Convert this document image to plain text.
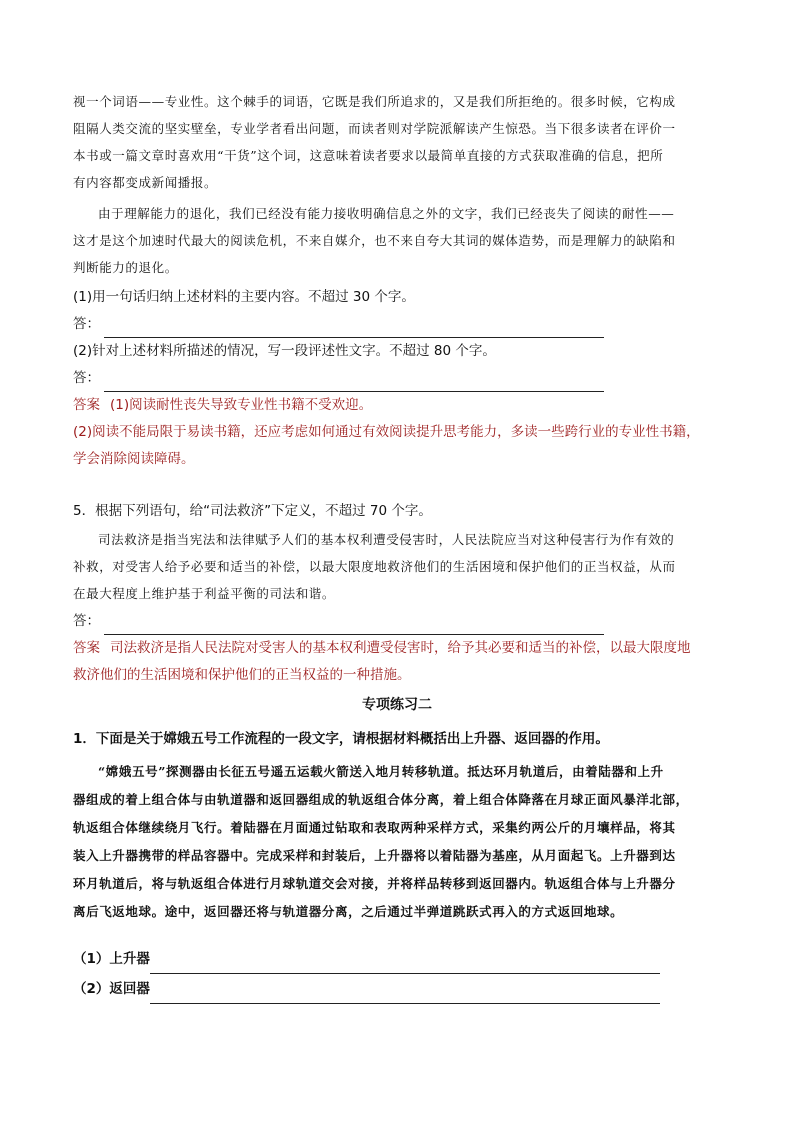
视一个词语——专业性。这个棘手的词语，它既是我们所追求的，又是我们所拒绝的。很多时候，它构成
阻隔人类交流的坚实壁垒，专业学者看出问题，而读者则对学院派解读产生惊恐。当下很多读者在评价一
本书或一篇文章时喜欢用“干货”这个词，这意味着读者要求以最简单直接的方式获取准确的信息，把所
有内容都变成新闻播报。
由于理解能力的退化，我们已经没有能力接收明确信息之外的文字，我们已经丧失了阅读的耐性——
这才是这个加速时代最大的阅读危机，不来自媒介，也不来自夸大其词的媒体造势，而是理解力的缺陷和
判断能力的退化。
(1)用一句话归纳上述材料的主要内容。不超过 30 个字。
答：
(2)针对上述材料所描述的情况，写一段评述性文字。不超过 80 个字。
答：
答案 (1)阅读耐性丧失导致专业性书籍不受欢迎。
(2)阅读不能局限于易读书籍，还应考虑如何通过有效阅读提升思考能力，多读一些跨行业的专业性书籍，
学会消除阅读障碍。
5．根据下列语句，给“司法救济”下定义，不超过 70 个字。
司法救济是指当宪法和法律赋予人们的基本权利遭受侵害时，人民法院应当对这种侵害行为作有效的
补救，对受害人给予必要和适当的补偿，以最大限度地救济他们的生活困境和保护他们的正当权益，从而
在最大程度上维护基于利益平衡的司法和谐。
答：
答案 司法救济是指人民法院对受害人的基本权利遭受侵害时，给予其必要和适当的补偿，以最大限度地
救济他们的生活困境和保护他们的正当权益的一种措施。
专项练习二
1．下面是关于嫦娥五号工作流程的一段文字，请根据材料概括出上升器、返回器的作用。
“嫦娥五号”探测器由长征五号遥五运载火箭送入地月转移轨道。抵达环月轨道后，由着陆器和上升
器组成的着上组合体与由轨道器和返回器组成的轨返组合体分离，着上组合体降落在月球正面风暴洋北部，
轨返组合体继续绕月飞行。着陆器在月面通过钻取和表取两种采样方式，采集约两公斤的月壤样品，将其
装入上升器携带的样品容器中。完成采样和封装后，上升器将以着陆器为基座，从月面起飞。上升器到达
环月轨道后，将与轨返组合体进行月球轨道交会对接，并将样品转移到返回器内。轨返组合体与上升器分
离后飞返地球。途中，返回器还将与轨道器分离，之后通过半弹道跳跃式再入的方式返回地球。
（1）上升器
（2）返回器
